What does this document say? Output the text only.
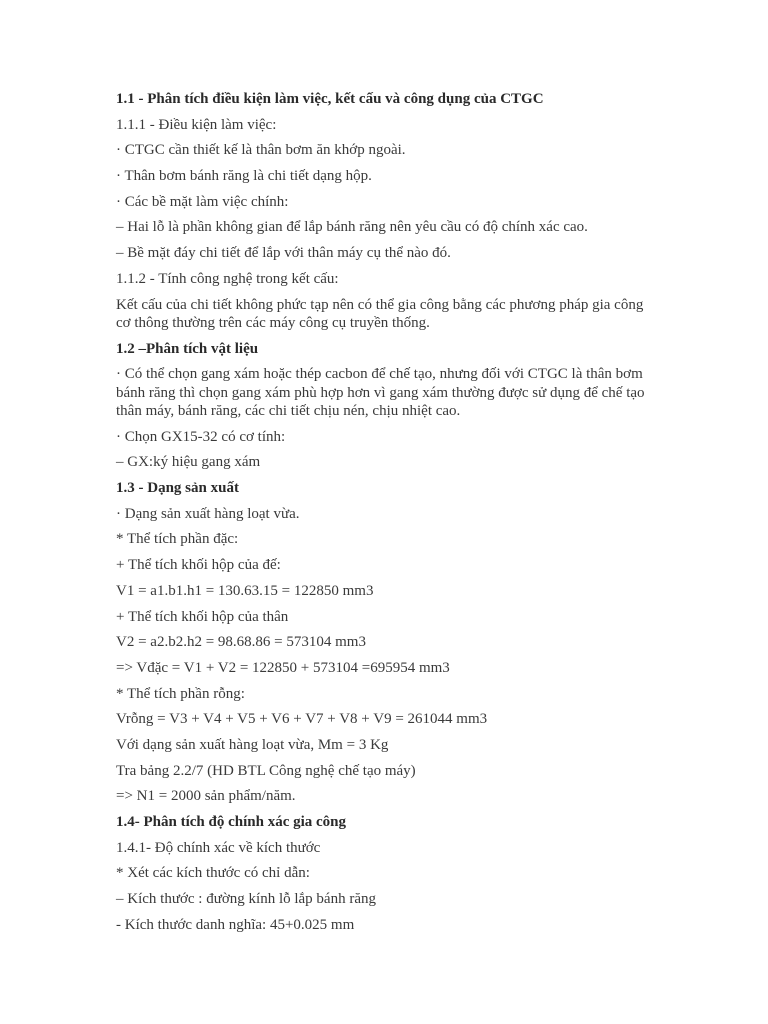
1.1 - Phân tích điều kiện làm việc, kết cấu và công dụng của CTGC
1.1.1 - Điều kiện làm việc:
· CTGC cần thiết kế là thân bơm ăn khớp ngoài.
· Thân bơm bánh răng là chi tiết dạng hộp.
· Các bề mặt làm việc chính:
– Hai lỗ là phần không gian để lắp bánh răng nên yêu cầu có độ chính xác cao.
– Bề mặt đáy chi tiết để lắp với thân máy cụ thể nào đó.
1.1.2 - Tính công nghệ trong kết cấu:
Kết cấu của chi tiết không phức tạp nên có thể gia công bằng các phương pháp gia công cơ thông thường trên các máy công cụ truyền thống.
1.2 –Phân tích vật liệu
· Có thể chọn gang xám hoặc thép cacbon để chế tạo, nhưng đối với CTGC là thân bơm bánh răng thì chọn gang xám phù hợp hơn vì gang xám thường được sử dụng để chế tạo thân máy, bánh răng, các chi tiết chịu nén, chịu nhiệt cao.
· Chọn GX15-32 có cơ tính:
– GX:ký hiệu gang xám
1.3 - Dạng sản xuất
· Dạng sản xuất hàng loạt vừa.
* Thể tích phần đặc:
+ Thể tích khối hộp của đế:
V1 = a1.b1.h1 = 130.63.15 = 122850 mm3
+ Thể tích khối hộp của thân
V2 = a2.b2.h2 = 98.68.86 = 573104 mm3
=> Vđặc = V1 + V2 = 122850 + 573104 =695954 mm3
* Thể tích phần rỗng:
Vrỗng = V3 + V4 + V5 + V6 + V7 + V8 + V9 = 261044 mm3
Với dạng sản xuất hàng loạt vừa, Mm = 3 Kg
Tra bảng 2.2/7 (HD BTL Công nghệ chế tạo máy)
=> N1 = 2000 sản phẩm/năm.
1.4- Phân tích độ chính xác gia công
1.4.1- Độ chính xác về kích thước
* Xét các kích thước có chỉ dẫn:
– Kích thước : đường kính lỗ lắp bánh răng
- Kích thước danh nghĩa: 45+0.025 mm
